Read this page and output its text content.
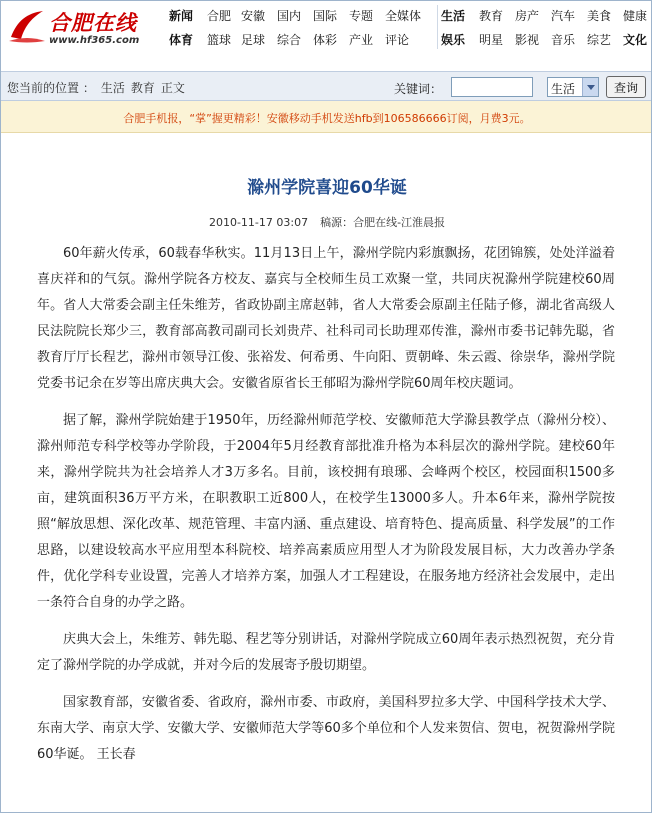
合肥在线
www.hf365.com
新闻 合肥 安徽 国内 国际 专题 全媒体 生活 教育 房产 汽车 美食 健康
体育 篮球 足球 综合 体彩 产业 评论	娱乐 明星 影视 音乐 综艺 文化
您当前的位置 ： 生活 教育 正文	关键词：	生活	查询
合肥手机报，“掌”握更精彩！安徽移动手机发送hfb到106586666订阅，月费3元。
滁州学院喜迎60华诞
2010-11-17 03:07 稿源：合肥在线-江淮晨报

60年薪火传承，60载春华秋实。11月13日上午，滁州学院内彩旗飘扬，花团锦簇，处处洋溢着喜庆祥和的气氛。滁州学院各方校友、嘉宾与全校师生员工欢聚一堂，共同庆祝滁州学院建校60周年。省人大常委会副主任朱维芳，省政协副主席赵韩，省人大常委会原副主任陆子修，湖北省高级人民法院院长郑少三，教育部高教司副司长刘贵芹、社科司司长助理邓传淮，滁州市委书记韩先聪，省教育厅厅长程艺，滁州市领导江俊、张裕发、何希勇、牛向阳、贾朝峰、朱云霞、徐崇华，滁州学院党委书记余在岁等出席庆典大会。安徽省原省长王郁昭为滁州学院60周年校庆题词。

据了解，滁州学院始建于1950年，历经滁州师范学校、安徽师范大学滁县教学点（滁州分校）、滁州师范专科学校等办学阶段，于2004年5月经教育部批准升格为本科层次的滁州学院。建校60年来，滁州学院共为社会培养人才3万多名。目前，该校拥有琅琊、会峰两个校区，校园面积1500多亩，建筑面积36万平方米，在职教职工近800人，在校学生13000多人。升本6年来，滁州学院按照“解放思想、深化改革、规范管理、丰富内涵、重点建设、培育特色、提高质量、科学发展”的工作思路，以建设较高水平应用型本科院校、培养高素质应用型人才为阶段发展目标，大力改善办学条件，优化学科专业设置，完善人才培养方案，加强人才工程建设，在服务地方经济社会发展中，走出一条符合自身的办学之路。

庆典大会上，朱维芳、韩先聪、程艺等分别讲话，对滁州学院成立60周年表示热烈祝贺，充分肯定了滁州学院的办学成就，并对今后的发展寄予殷切期望。

国家教育部，安徽省委、省政府，滁州市委、市政府，美国科罗拉多大学、中国科学技术大学、东南大学、南京大学、安徽大学、安徽师范大学等60多个单位和个人发来贺信、贺电，祝贺滁州学院60华诞。 王长春
